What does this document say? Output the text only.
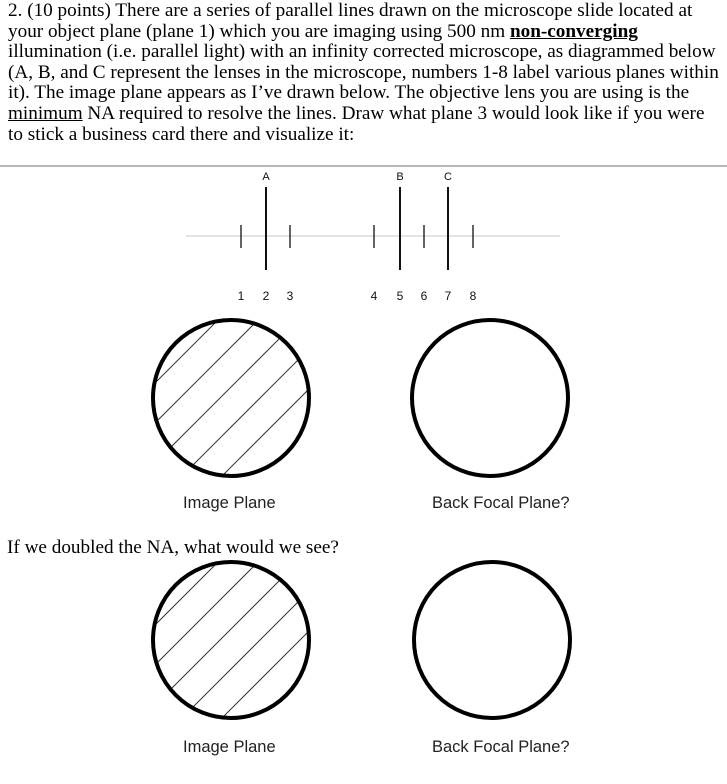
2. (10 points) There are a series of parallel lines drawn on the microscope slide located at your object plane (plane 1) which you are imaging using 500 nm non-converging illumination (i.e. parallel light) with an infinity corrected microscope, as diagrammed below (A, B, and C represent the lenses in the microscope, numbers 1-8 label various planes within it). The image plane appears as I’ve drawn below. The objective lens you are using is the minimum NA required to resolve the lines. Draw what plane 3 would look like if you were to stick a business card there and visualize it:
A	B	C
1 2 3	4 5 6 7 8
Image Plane	Back Focal Plane?
If we doubled the NA, what would we see?
Image Plane	Back Focal Plane?
